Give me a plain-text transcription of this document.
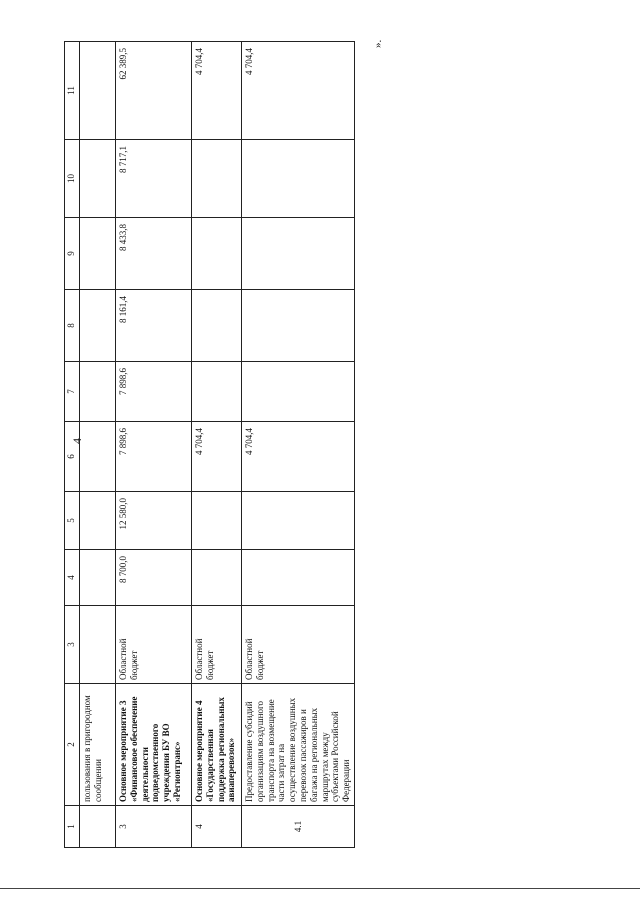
4
1	2	3	4	5	6	7	8	9	10	11
	пользования в пригородном сообщении									
3	Основное мероприятие 3 «Финансовое обеспечение деятельности подведомственного учреждения БУ ВО «Регионтранс»	Областной бюджет	8 700,0	12 580,0	7 898,6	7 898,6	8 161,4	8 433,8	8 717,1	62 389,5
4	Основное мероприятие 4 «Государственная поддержка региональных авиаперевозок»	Областной бюджет			4 704,4					4 704,4
4.1	Предоставление субсидий организациям воздушного транспорта на возмещение части затрат на осуществление воздушных перевозок пассажиров и багажа на региональных маршрутах между субъектами Российской Федерации	Областной бюджет			4 704,4					4 704,4
».
